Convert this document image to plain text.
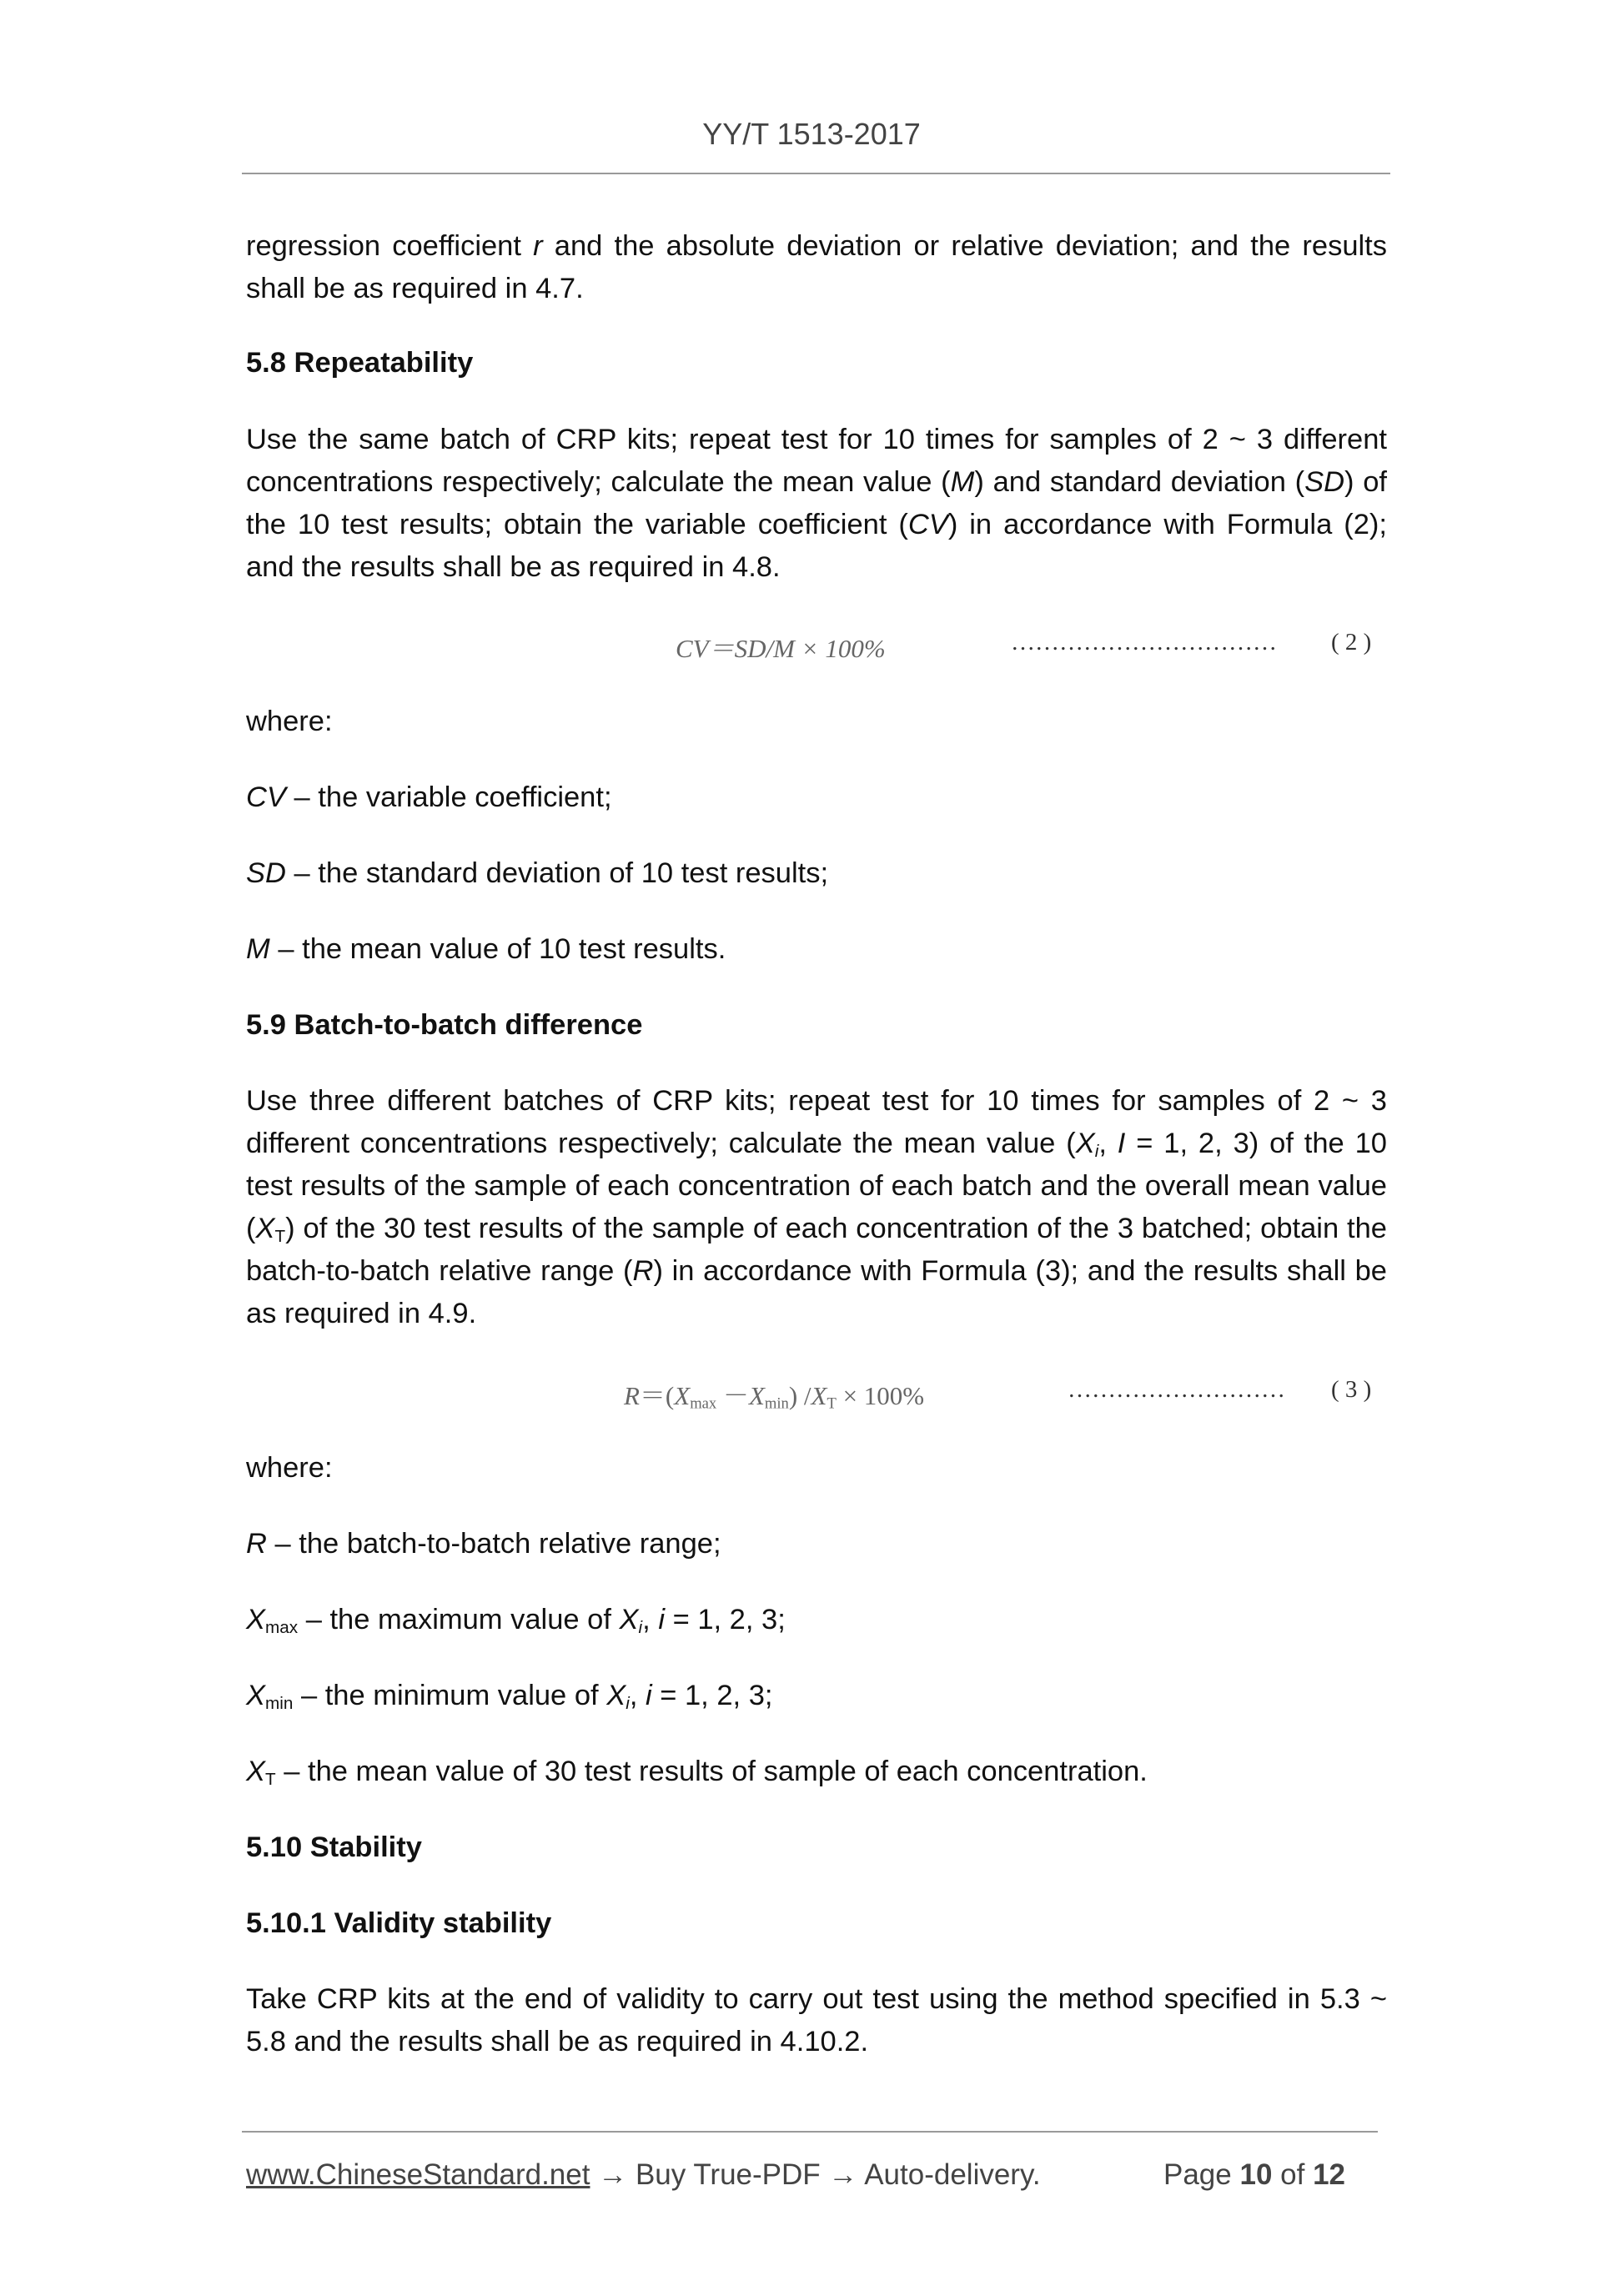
YY/T 1513-2017
regression coefficient r and the absolute deviation or relative deviation; and the results shall be as required in 4.7.
5.8 Repeatability
Use the same batch of CRP kits; repeat test for 10 times for samples of 2 ~ 3 different concentrations respectively; calculate the mean value (M) and standard deviation (SD) of the 10 test results; obtain the variable coefficient (CV) in accordance with Formula (2); and the results shall be as required in 4.8.
CV＝SD/M × 100%	…………………………… ( 2 )
where:
CV – the variable coefficient;
SD – the standard deviation of 10 test results;
M – the mean value of 10 test results.
5.9 Batch-to-batch difference
Use three different batches of CRP kits; repeat test for 10 times for samples of 2 ~ 3 different concentrations respectively; calculate the mean value ($X_i$, I = 1, 2, 3) of the 10 test results of the sample of each concentration of each batch and the overall mean value $(X_T)$ of the 30 test results of the sample of each concentration of the 3 batched; obtain the batch-to-batch relative range (R) in accordance with Formula (3); and the results shall be as required in 4.9.
$R=(X_{max} -X_{min}) /X_T \times 100\%$	……………………… ( 3 )
where:
R – the batch-to-batch relative range;
$X_{max}$ – the maximum value of $X_i$, i = 1, 2, 3;
$X_{min}$ – the minimum value of $X_i$, i = 1, 2, 3;
$X_T$ – the mean value of 30 test results of sample of each concentration.
5.10 Stability
5.10.1 Validity stability
Take CRP kits at the end of validity to carry out test using the method specified in 5.3 ~ 5.8 and the results shall be as required in 4.10.2.
www.ChineseStandard.net → Buy True-PDF → Auto-delivery.	Page 10 of 12
